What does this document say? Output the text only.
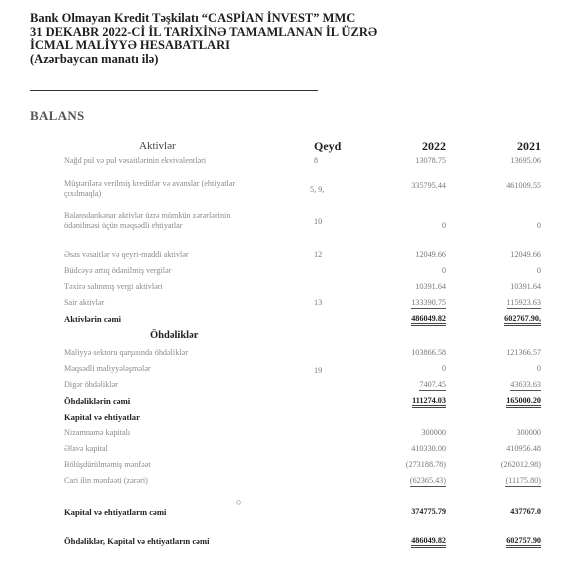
Bank Olmayan Kredit Təşkilatı “CASPİAN İNVEST” MMC
31 DEKABR 2022-Cİ İL TARİXİNƏ TAMAMLANAN İL ÜZRƏ
İCMAL MALİYYƏ HESABATLARI
(Azərbaycan manatı ilə)
BALANS
Aktivlər	Qeyd	2022	2021
Nağd pul və pul vəsaitlərinin ekvivalentləri	8	13078.75	13695.06
Müştərilərə verilmiş kreditlər və avanslar (ehtiyatlar
çıxılmaqla)	5, 9,	335795.44	461009.55
Balansdankənar aktivlər üzrə mümkün zərərlərinin
ödənilməsi üçün məqsədli ehtiyatlar	10	0	0
Əsas vəsaitlər və qeyri-maddi aktivlər	12	12049.66	12049.66
Büdcəyə artıq ödənilmiş vergilər	0	0
Təxirə salınmış vergi aktivləri	10391.64	10391.64
Sair aktivlər	13	133390.75	115923.63
Aktivlərin cəmi	486049.82	602767.90,
Öhdəliklər
Maliyyə sektoru qarşısında öhdəliklər	103866.58	121366.57
Məqsədli maliyyələşmələr	19	0	0
Digər öhdəliklər	7407.45	43633.63
Öhdəliklərin cəmi	111274.03	165000.20
Kapital və ehtiyatlar
Nizamnamə kapitalı	300000	300000
Əlavə kapital	410330.00	410956.48
Bölüşdürülməmiş mənfəət	(273188.78)	(262012.98)
Cari ilin mənfəəti (zərəri)	(62365.43)	(11175.80)
○
Kapital və ehtiyatların cəmi	374775.79	437767.0
Öhdəliklər, Kapital və ehtiyatların cəmi	486049.82	602757.90
